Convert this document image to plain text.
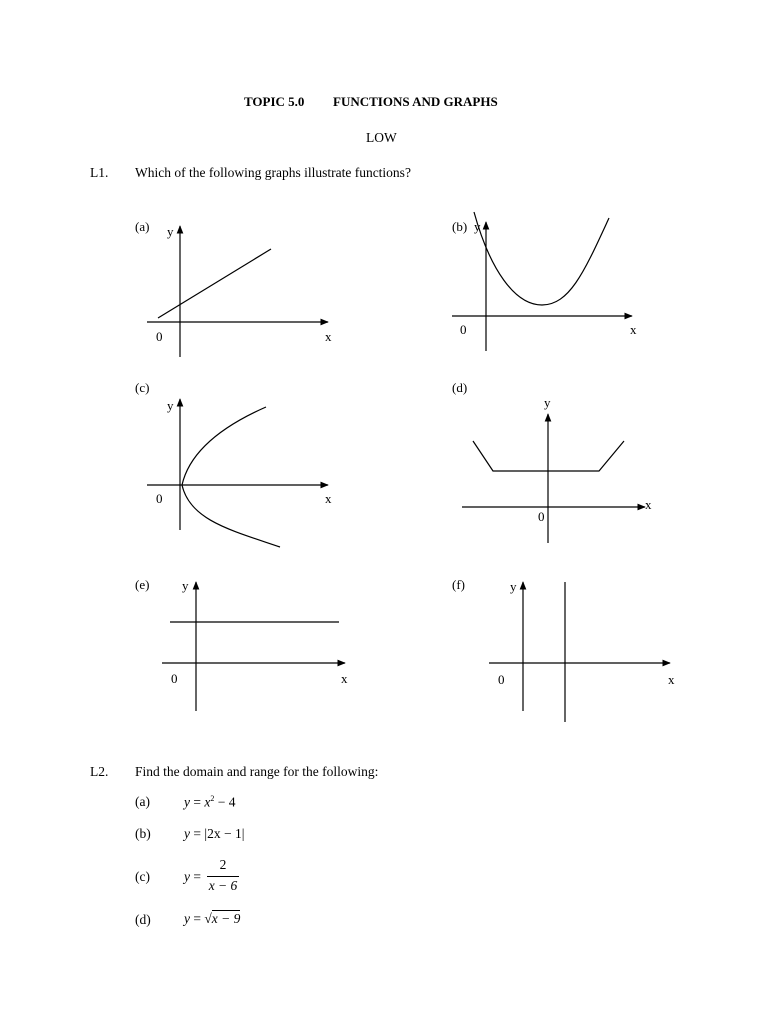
TOPIC 5.0 FUNCTIONS AND GRAPHS
LOW
L1. Which of the following graphs illustrate functions?
(a) y
x
0
(b) y
x
0
(c)
y
x
0
(d)
y
x
0
(e)	y
x
0
(f)	y
x
0
L2. Find the domain and range for the following:
(a)	$y = x^2 - 4$
(b) y = |2x − 1|
(c)	y =
2
x − 6
(d) y = √x − 9
